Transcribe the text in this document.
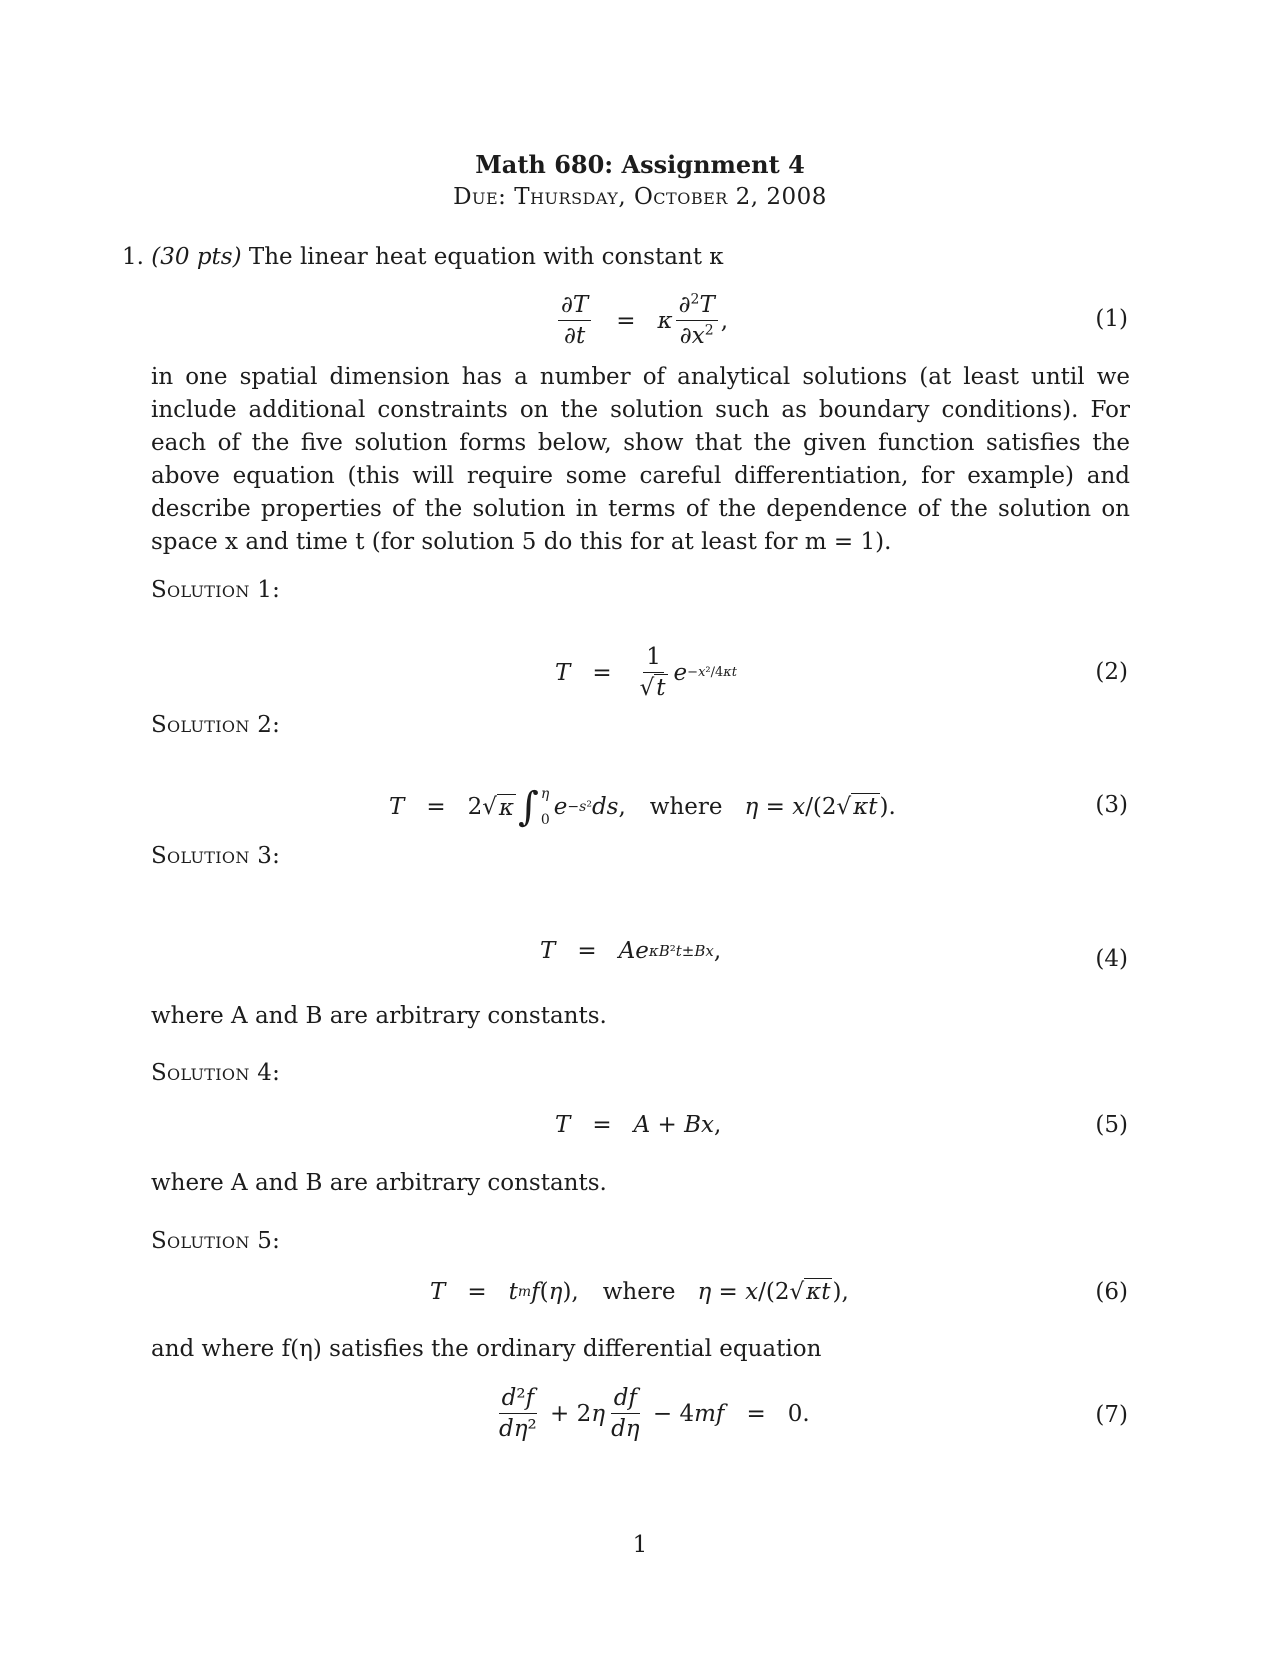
Math 680: Assignment 4
Due: Thursday, October 2, 2008
1. (30 pts) The linear heat equation with constant κ
$\frac{\partial T}{\partial t} = \kappa \frac{\partial^2T}{\partial x^2}$ ,	(1)
in one spatial dimension has a number of analytical solutions (at least until we include additional constraints on the solution such as boundary conditions). For each of the five solution forms below, show that the given function satisfies the above equation (this will require some careful differentiation, for example) and describe properties of the solution in terms of the dependence of the solution on space x and time t (for solution 5 do this for at least for m = 1).
Solution 1:
$T = \frac{1}{√t}$ e −x²/4κt	(2)
Solution 2:
T = 2√ κ ∫ η
0 e −s² ds , where η = x/(2√κt).	(3)
Solution 3:
T = Ae κB²t±Bx ,	(4)
where A and B are arbitrary constants.
Solution 4:
T = A + Bx ,	(5)
where A and B are arbitrary constants.
Solution 5:
T = t m f ( η ), where η = x/(2√κt),	(6)
and where f(η) satisfies the ordinary differential equation
$\frac{\text{d²f}}{\text{dη²}} + 2$ η $\frac{df}{d\eta} - 4$ mf = 0.	(7)
1
